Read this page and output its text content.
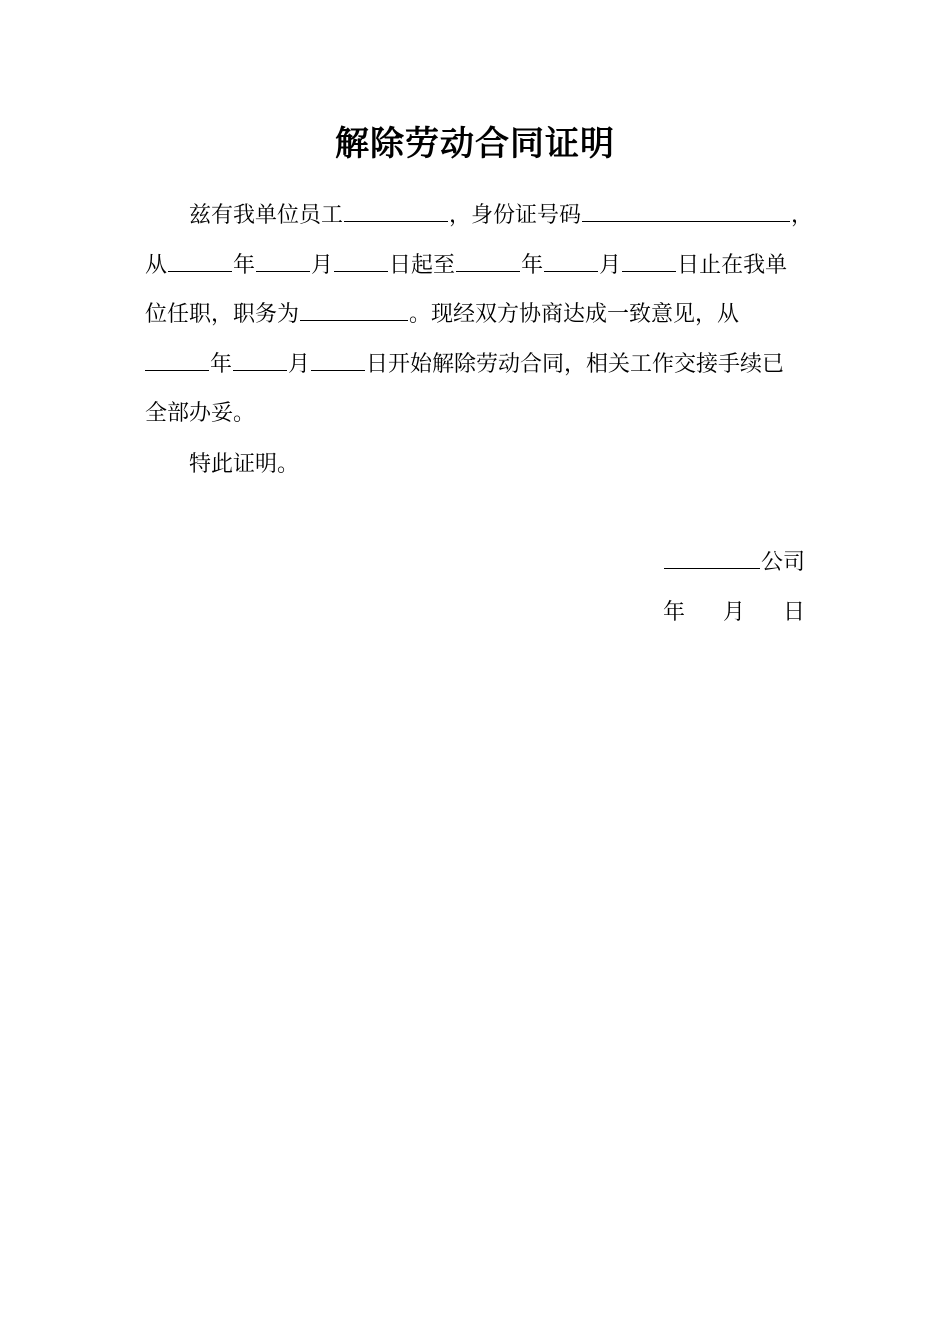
解除劳动合同证明
兹有我单位员工	，身份证号码	，
从	年	月	日起至	年	月	日止在我单
位任职，职务为	。现经双方协商达成一致意见，从
年	月	日开始解除劳动合同，相关工作交接手续已
全部办妥。
特此证明。
公司
年 月 日
